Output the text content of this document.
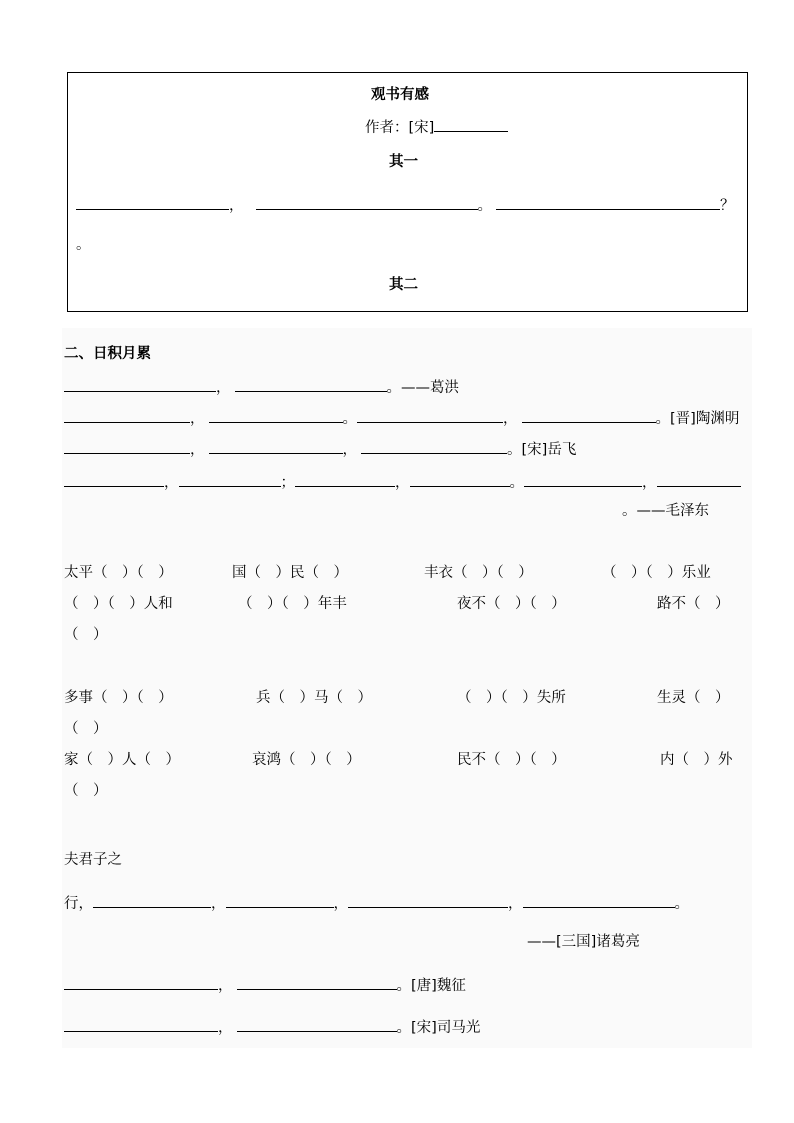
观书有感
作者：[宋]
其一
，	。	？
。
其二
二、日积月累
，	。——葛洪
，	。	，	。[晋]陶渊明
，	，	。[宋]岳飞
，	；	，	。	，
。——毛泽东
太平（　）（　）	国（　）民（　）	丰衣（　）（　）	（　）（　）乐业
（　）（　）人和	（　）（　）年丰	夜不（　）（　）	路不（　）
（　）
多事（　）（　）	兵（　）马（　）	（　）（　）失所	生灵（　）
（　）
家（　）人（　）	哀鸿（　）（　）	民不（　）（　）	内（　）外
（　）
夫君子之
行，	，	，	，	。
——[三国]诸葛亮
，	。[唐]魏征
，	。[宋]司马光
